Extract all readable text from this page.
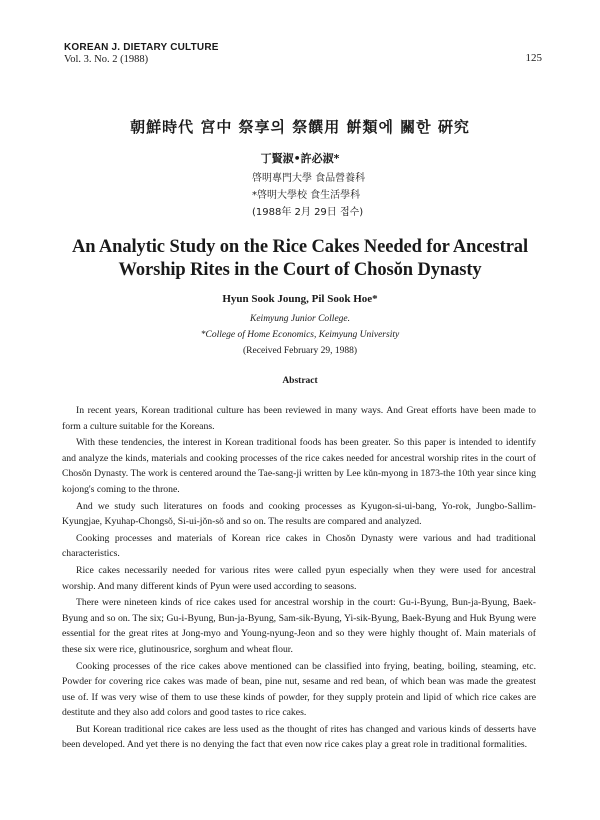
KOREAN J. DIETARY CULTURE
Vol. 3. No. 2 (1988)	125
朝鮮時代 宮中 祭享의 祭饌用 餠類에 關한 硏究
丁賢淑•許必淑*
啓明專門大學 食品營養科
*啓明大學校 食生活學科
(1988年 2月 29日 접수)
An Analytic Study on the Rice Cakes Needed for Ancestral
Worship Rites in the Court of Chosŏn Dynasty
Hyun Sook Joung, Pil Sook Hoe*
Keimyung Junior College.
*College of Home Economics, Keimyung University
(Received February 29, 1988)
Abstract

In recent years, Korean traditional culture has been reviewed in many ways. And Great efforts have been made to form a culture suitable for the Koreans.

With these tendencies, the interest in Korean traditional foods has been greater. So this paper is intended to identify and analyze the kinds, materials and cooking processes of the rice cakes needed for ancestral worship rites in the court of Chosŏn Dynasty. The work is centered around the Tae-sang-ji written by Lee kŭn-myong in 1873-the 10th year since king kojong's coming to the throne.

And we study such literatures on foods and cooking processes as Kyugon-si-ui-bang, Yo-rok, Jungbo-Sallim-Kyungjae, Kyuhap-Chongsŏ, Si-ui-jŏn-sŏ and so on. The results are compared and analyzed.

Cooking processes and materials of Korean rice cakes in Chosŏn Dynasty were various and had traditional characteristics.

Rice cakes necessarily needed for various rites were called pyun especially when they were used for ancestral worship. And many different kinds of Pyun were used according to seasons.

There were nineteen kinds of rice cakes used for ancestral worship in the court: Gu-i-Byung, Bun-ja-Byung, Baek-Byung and so on. The six; Gu-i-Byung, Bun-ja-Byung, Sam-sik-Byung, Yi-sik-Byung, Baek-Byung and Huk Byung were essential for the great rites at Jong-myo and Young-nyung-Jeon and so they were highly thought of. Main materials of these six were rice, glutinousrice, sorghum and wheat flour.

Cooking processes of the rice cakes above mentioned can be classified into frying, beating, boiling, steaming, etc. Powder for covering rice cakes was made of bean, pine nut, sesame and red bean, of which bean was made the greatest use of. If was very wise of them to use these kinds of powder, for they supply protein and lipid of which rice cakes are destitute and they also add colors and good tastes to rice cakes.

But Korean traditional rice cakes are less used as the thought of rites has changed and various kinds of desserts have been developed. And yet there is no denying the fact that even now rice cakes play a great role in traditional formalities.
